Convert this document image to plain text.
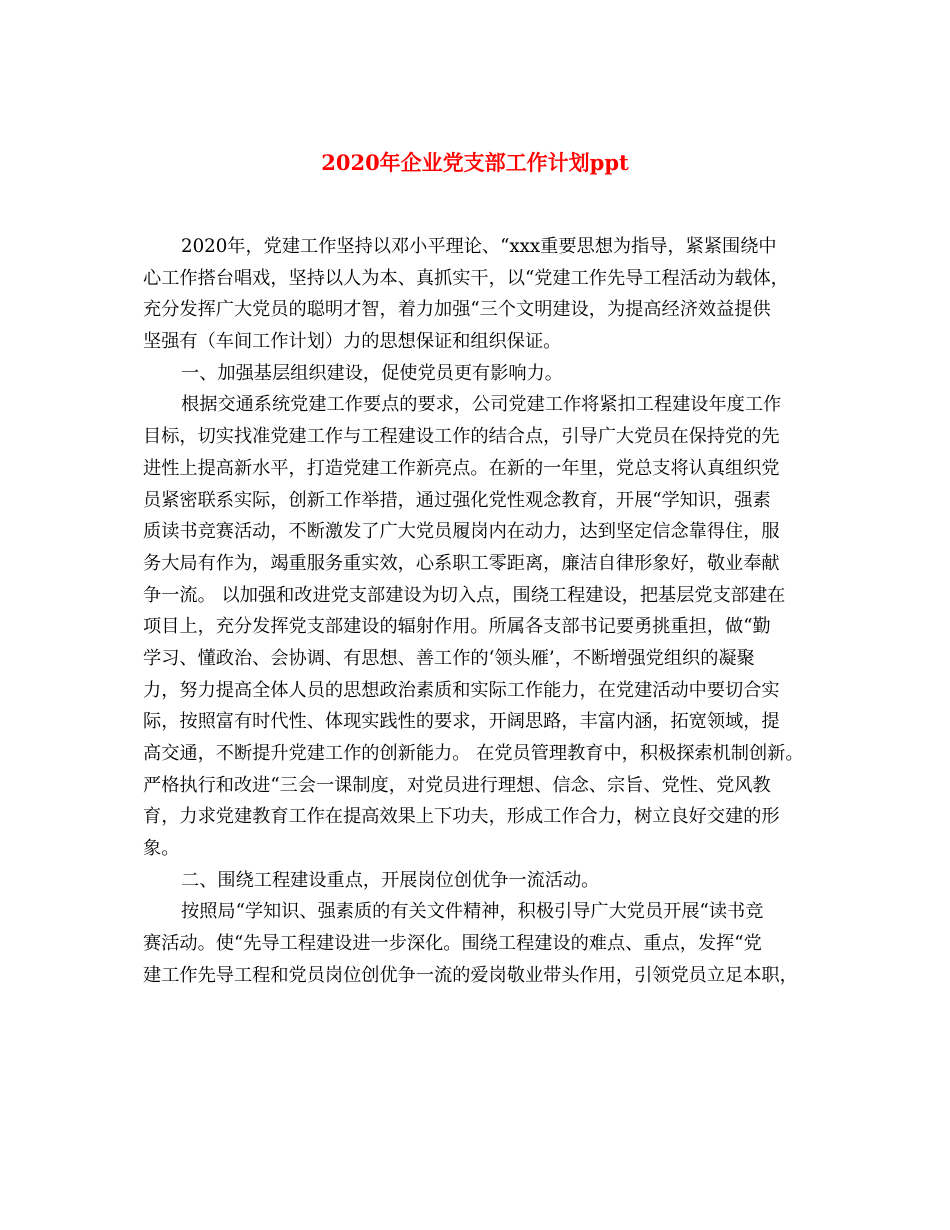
2020年企业党支部工作计划ppt
2020年，党建工作坚持以邓小平理论、“xxx重要思想为指导，紧紧围绕中
心工作搭台唱戏，坚持以人为本、真抓实干，以“党建工作先导工程活动为载体，
充分发挥广大党员的聪明才智，着力加强“三个文明建设，为提高经济效益提供
坚强有（车间工作计划）力的思想保证和组织保证。
一、加强基层组织建设，促使党员更有影响力。
根据交通系统党建工作要点的要求，公司党建工作将紧扣工程建设年度工作
目标，切实找准党建工作与工程建设工作的结合点，引导广大党员在保持党的先
进性上提高新水平，打造党建工作新亮点。在新的一年里，党总支将认真组织党
员紧密联系实际，创新工作举措，通过强化党性观念教育，开展“学知识，强素
质读书竞赛活动，不断激发了广大党员履岗内在动力，达到坚定信念靠得住，服
务大局有作为，竭重服务重实效，心系职工零距离，廉洁自律形象好，敬业奉献
争一流。 以加强和改进党支部建设为切入点，围绕工程建设，把基层党支部建在
项目上，充分发挥党支部建设的辐射作用。所属各支部书记要勇挑重担，做“勤
学习、懂政治、会协调、有思想、善工作的‘领头雁’，不断增强党组织的凝聚
力，努力提高全体人员的思想政治素质和实际工作能力，在党建活动中要切合实
际，按照富有时代性、体现实践性的要求，开阔思路，丰富内涵，拓宽领域，提
高交通，不断提升党建工作的创新能力。 在党员管理教育中，积极探索机制创新。
严格执行和改进“三会一课制度，对党员进行理想、信念、宗旨、党性、党风教
育，力求党建教育工作在提高效果上下功夫，形成工作合力，树立良好交建的形
象。
二、围绕工程建设重点，开展岗位创优争一流活动。
按照局“学知识、强素质的有关文件精神，积极引导广大党员开展“读书竞
赛活动。使“先导工程建设进一步深化。围绕工程建设的难点、重点，发挥“党
建工作先导工程和党员岗位创优争一流的爱岗敬业带头作用，引领党员立足本职，
